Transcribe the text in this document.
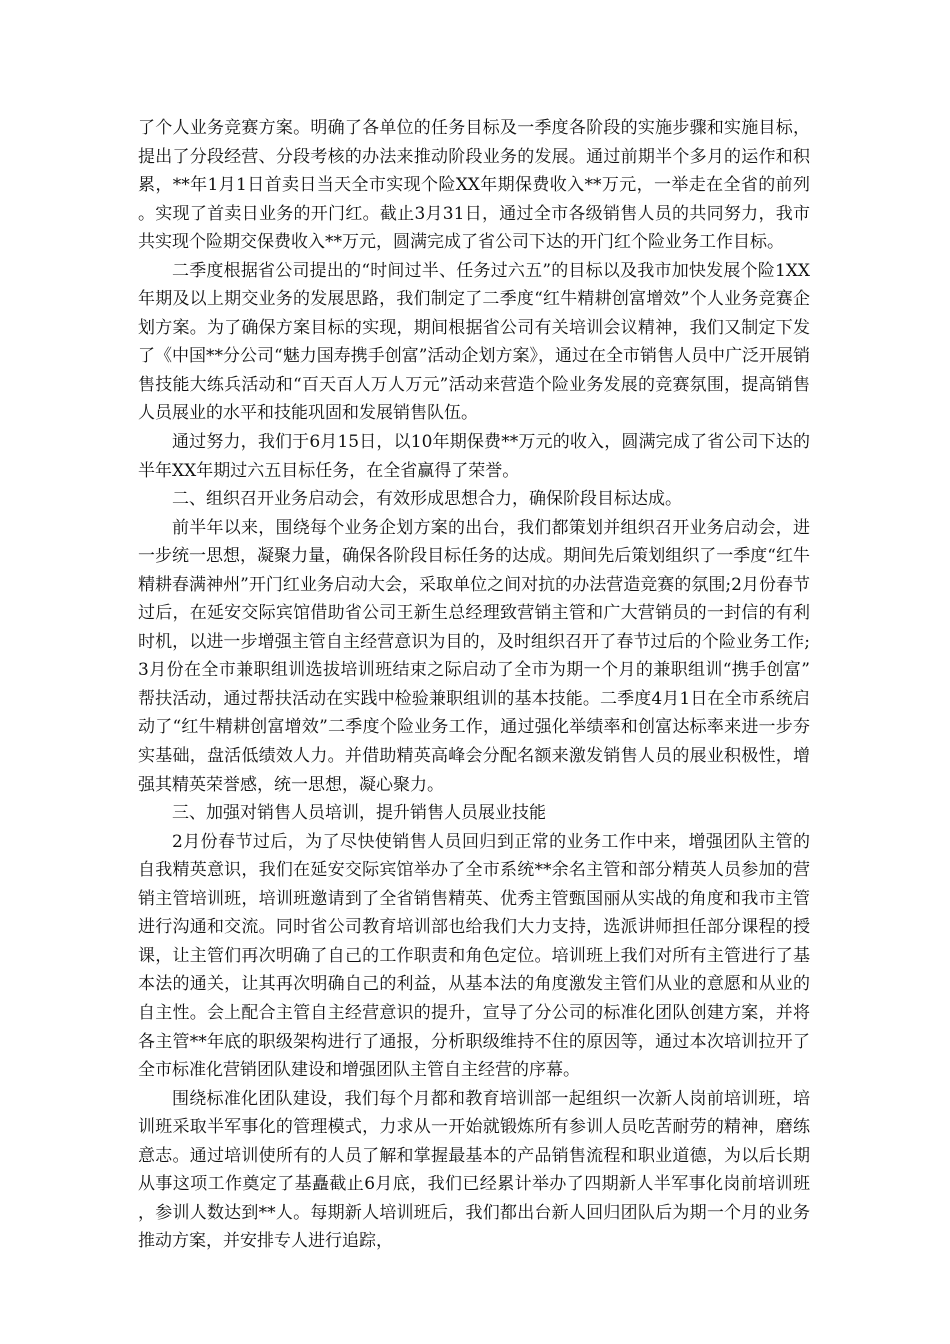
了个人业务竞赛方案。明确了各单位的任务目标及一季度各阶段的实施步骤和实施目标，提出了分段经营、分段考核的办法来推动阶段业务的发展。通过前期半个多月的运作和积累，**年1月1日首卖日当天全市实现个险XX年期保费收入**万元，一举走在全省的前列。实现了首卖日业务的开门红。截止3月31日，通过全市各级销售人员的共同努力，我市共实现个险期交保费收入**万元，圆满完成了省公司下达的开门红个险业务工作目标。

二季度根据省公司提出的“时间过半、任务过六五”的目标以及我市加快发展个险1XX年期及以上期交业务的发展思路，我们制定了二季度“红牛精耕创富增效”个人业务竞赛企划方案。为了确保方案目标的实现，期间根据省公司有关培训会议精神，我们又制定下发了《中国**分公司“魅力国寿携手创富”活动企划方案》，通过在全市销售人员中广泛开展销售技能大练兵活动和“百天百人万人万元”活动来营造个险业务发展的竞赛氛围，提高销售人员展业的水平和技能巩固和发展销售队伍。

通过努力，我们于6月15日，以10年期保费**万元的收入，圆满完成了省公司下达的半年XX年期过六五目标任务，在全省赢得了荣誉。

二、组织召开业务启动会，有效形成思想合力，确保阶段目标达成。

前半年以来，围绕每个业务企划方案的出台，我们都策划并组织召开业务启动会，进一步统一思想，凝聚力量，确保各阶段目标任务的达成。期间先后策划组织了一季度“红牛精耕春满神州”开门红业务启动大会，采取单位之间对抗的办法营造竞赛的氛围;2月份春节过后，在延安交际宾馆借助省公司王新生总经理致营销主管和广大营销员的一封信的有利时机，以进一步增强主管自主经营意识为目的，及时组织召开了春节过后的个险业务工作;3月份在全市兼职组训选拔培训班结束之际启动了全市为期一个月的兼职组训“携手创富”帮扶活动，通过帮扶活动在实践中检验兼职组训的基本技能。二季度4月1日在全市系统启动了“红牛精耕创富增效”二季度个险业务工作，通过强化举绩率和创富达标率来进一步夯实基础，盘活低绩效人力。并借助精英高峰会分配名额来激发销售人员的展业积极性，增强其精英荣誉感，统一思想，凝心聚力。

三、加强对销售人员培训，提升销售人员展业技能

2月份春节过后，为了尽快使销售人员回归到正常的业务工作中来，增强团队主管的自我精英意识，我们在延安交际宾馆举办了全市系统**余名主管和部分精英人员参加的营销主管培训班，培训班邀请到了全省销售精英、优秀主管甄国丽从实战的角度和我市主管进行沟通和交流。同时省公司教育培训部也给我们大力支持，选派讲师担任部分课程的授课，让主管们再次明确了自己的工作职责和角色定位。培训班上我们对所有主管进行了基本法的通关，让其再次明确自己的利益，从基本法的角度激发主管们从业的意愿和从业的自主性。会上配合主管自主经营意识的提升，宣导了分公司的标准化团队创建方案，并将各主管**年底的职级架构进行了通报，分析职级维持不住的原因等，通过本次培训拉开了全市标准化营销团队建设和增强团队主管自主经营的序幕。

围绕标准化团队建设，我们每个月都和教育培训部一起组织一次新人岗前培训班，培训班采取半军事化的管理模式，力求从一开始就锻炼所有参训人员吃苦耐劳的精神，磨练意志。通过培训使所有的人员了解和掌握最基本的产品销售流程和职业道德，为以后长期从事这项工作奠定了基矗截止6月底，我们已经累计举办了四期新人半军事化岗前培训班，参训人数达到**人。每期新人培训班后，我们都出台新人回归团队后为期一个月的业务推动方案，并安排专人进行追踪，
